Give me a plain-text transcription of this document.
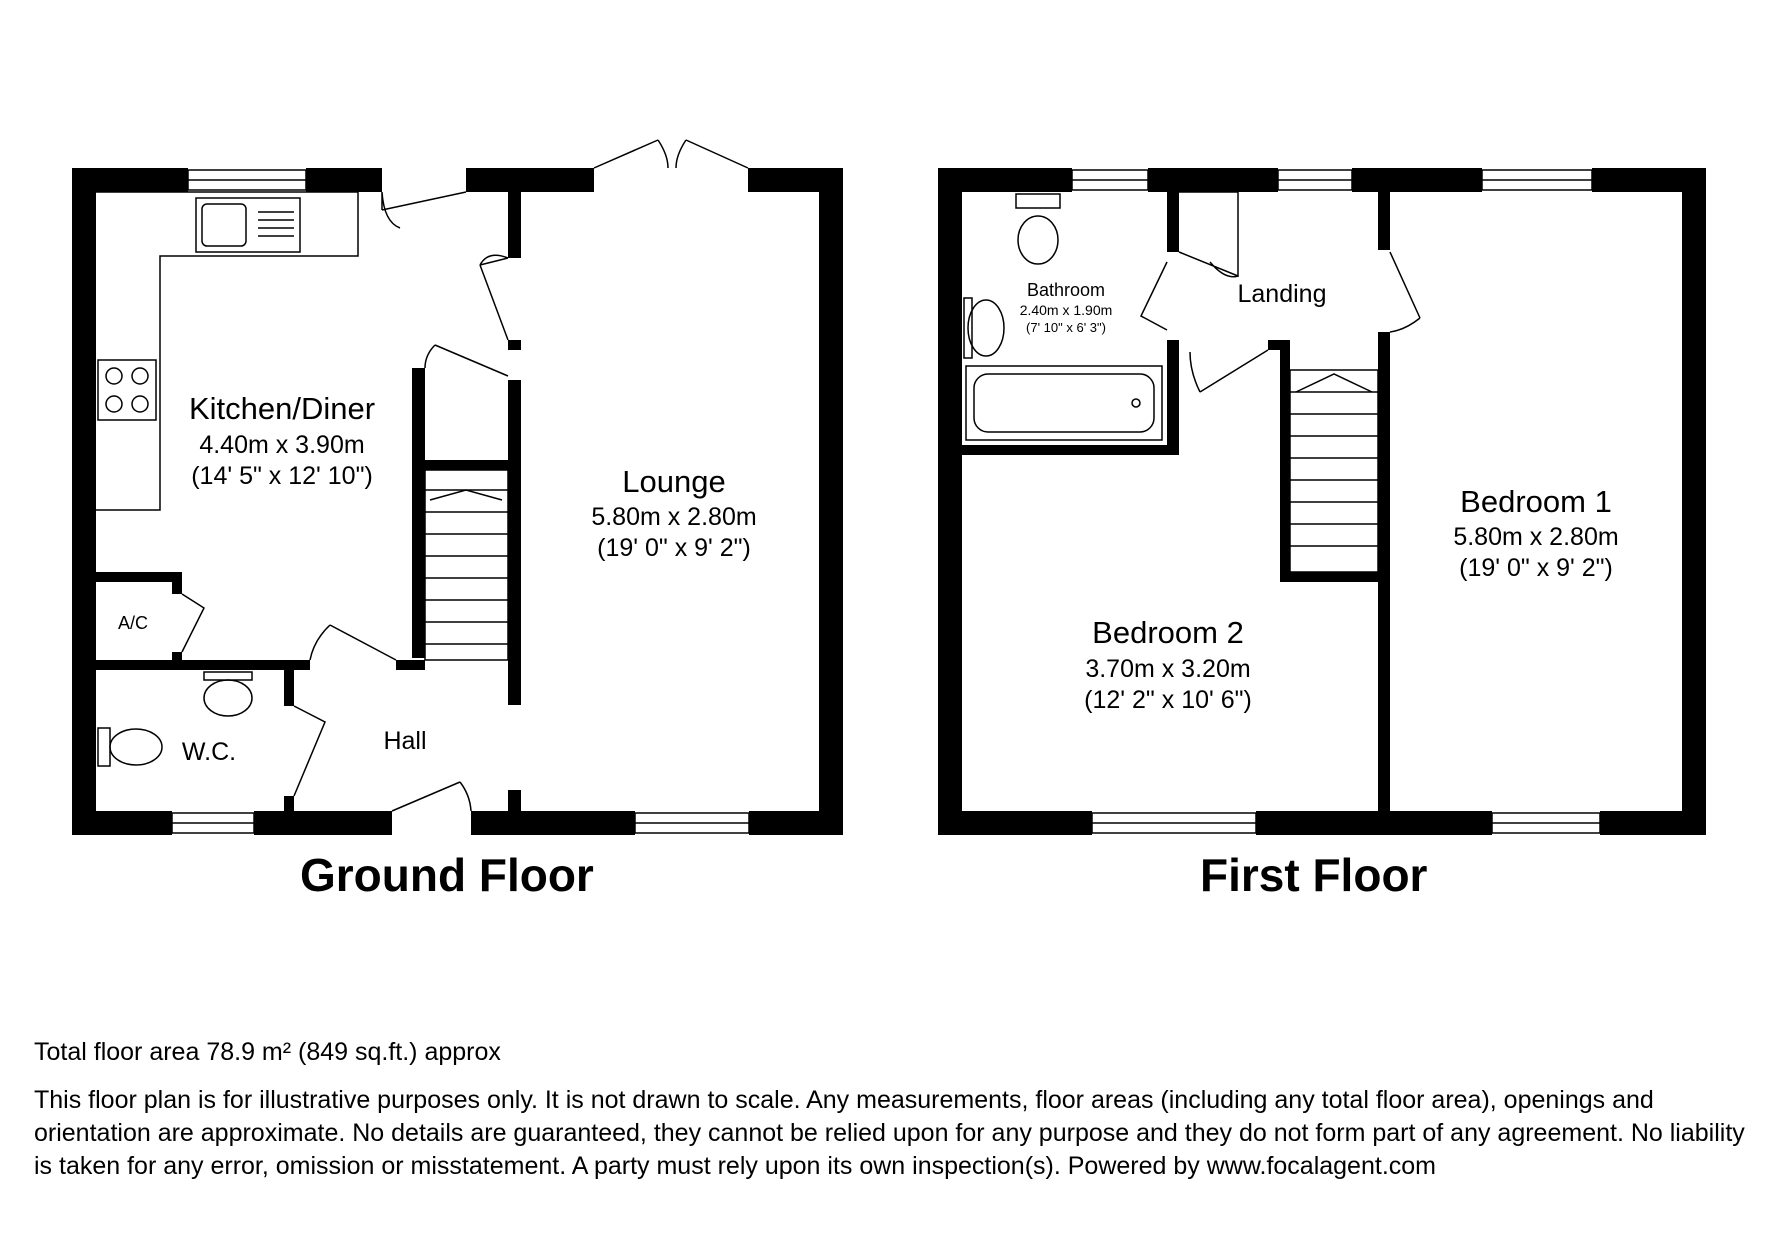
Kitchen/Diner
4.40m x 3.90m
(14' 5" x 12' 10")	Lounge
5.80m x 2.80m
(19' 0" x 9' 2")
A/C
W.C.	Hall
Bathroom
2.40m x 1.90m
(7' 10" x 6' 3")
Landing
Bedroom 1
5.80m x 2.80m
(19' 0" x 9' 2")
Bedroom 2
3.70m x 3.20m
(12' 2" x 10' 6")
Ground Floor	First Floor
Total floor area 78.9 m² (849 sq.ft.) approx
This floor plan is for illustrative purposes only. It is not drawn to scale. Any measurements, floor areas (including any total floor area), openings and orientation are approximate. No details are guaranteed, they cannot be relied upon for any purpose and they do not form part of any agreement. No liability is taken for any error, omission or misstatement. A party must rely upon its own inspection(s). Powered by www.focalagent.com
